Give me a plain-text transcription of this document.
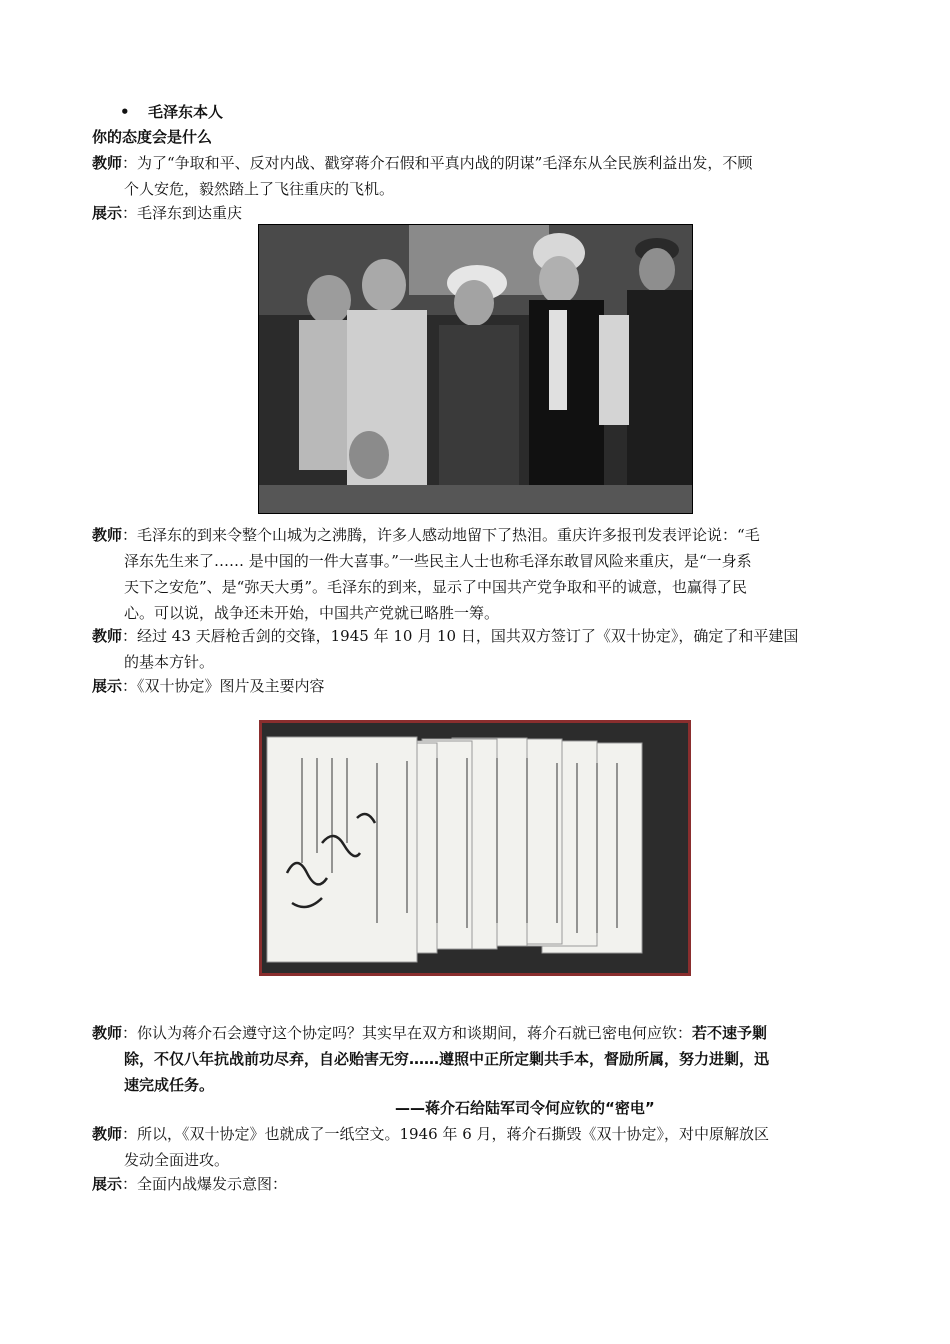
• 毛泽东本人
你的态度会是什么
教师：为了“争取和平、反对内战、戳穿蒋介石假和平真内战的阴谋”毛泽东从全民族利益出发，不顾
个人安危，毅然踏上了飞往重庆的飞机。
展示：毛泽东到达重庆
教师：毛泽东的到来令整个山城为之沸腾，许多人感动地留下了热泪。重庆许多报刊发表评论说：“毛
泽东先生来了…… 是中国的一件大喜事。”一些民主人士也称毛泽东敢冒风险来重庆，是“一身系
天下之安危”、是“弥天大勇”。毛泽东的到来，显示了中国共产党争取和平的诚意，也赢得了民
心。可以说，战争还未开始，中国共产党就已略胜一筹。
教师：经过 43 天唇枪舌剑的交锋，1945 年 10 月 10 日，国共双方签订了《双十协定》，确定了和平建国
的基本方针。
展示：《双十协定》图片及主要内容
教师：你认为蒋介石会遵守这个协定吗？其实早在双方和谈期间，蒋介石就已密电何应钦：若不速予剿
除，不仅八年抗战前功尽弃，自必贻害无穷……遵照中正所定剿共手本，督励所属，努力进剿，迅
速完成任务。
——蒋介石给陆军司令何应钦的“密电”
教师：所以，《双十协定》也就成了一纸空文。1946 年 6 月，蒋介石撕毁《双十协定》，对中原解放区
发动全面进攻。
展示：全面内战爆发示意图：
